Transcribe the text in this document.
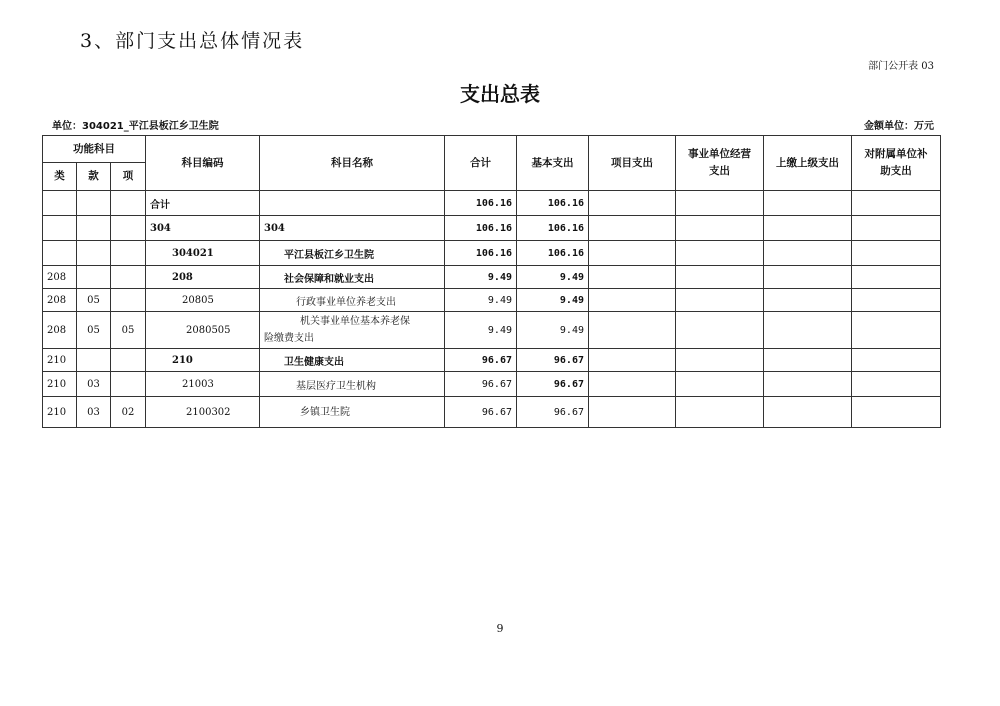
3、部门支出总体情况表
部门公开表 03
支出总表
单位：304021_平江县板江乡卫生院	金额单位：万元
功能科目			科目编码	科目名称	合计	基本支出	项目支出	事业单位经营
支出	上缴上级支出	对附属单位补
助支出
类	款	项								
			合计		106.16	106.16				
			304	304	106.16	106.16				
			304021	平江县板江乡卫生院	106.16	106.16				
208			208	社会保障和就业支出	9.49	9.49				
208	05		20805	行政事业单位养老支出	9.49	9.49				
208	05	05	2080505	机关事业单位基本养老保
险缴费支出	9.49	9.49				
210			210	卫生健康支出	96.67	96.67				
210	03		21003	基层医疗卫生机构	96.67	96.67				
210	03	02	2100302	乡镇卫生院	96.67	96.67				
9
